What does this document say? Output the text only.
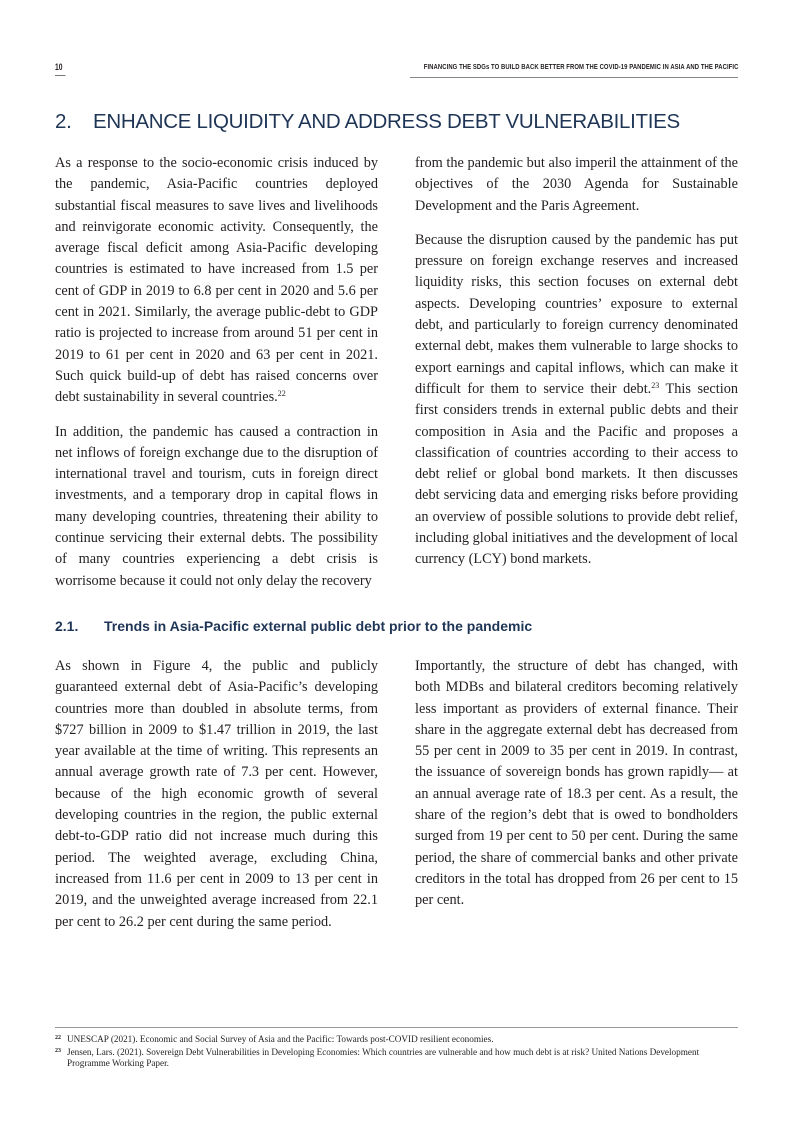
10	FINANCING THE SDGs TO BUILD BACK BETTER FROM THE COVID-19 PANDEMIC IN ASIA AND THE PACIFIC
2. ENHANCE LIQUIDITY AND ADDRESS DEBT VULNERABILITIES

As a response to the socio-economic crisis induced by the pandemic, Asia-Pacific countries deployed substantial fiscal measures to save lives and livelihoods and reinvigorate economic activity. Consequently, the average fiscal deficit among Asia-Pacific developing countries is estimated to have increased from 1.5 per cent of GDP in 2019 to 6.8 per cent in 2020 and 5.6 per cent in 2021. Similarly, the average public-debt to GDP ratio is projected to increase from around 51 per cent in 2019 to 61 per cent in 2020 and 63 per cent in 2021. Such quick build-up of debt has raised concerns over debt sustainability in several countries.$^{22}$

In addition, the pandemic has caused a contraction in net inflows of foreign exchange due to the disruption of international travel and tourism, cuts in foreign direct investments, and a temporary drop in capital flows in many developing countries, threatening their ability to continue servicing their external debts. The possibility of many countries experiencing a debt crisis is worrisome because it could not only delay the recovery

from the pandemic but also imperil the attainment of the objectives of the 2030 Agenda for Sustainable Development and the Paris Agreement.

Because the disruption caused by the pandemic has put pressure on foreign exchange reserves and increased liquidity risks, this section focuses on external debt aspects. Developing countries’ exposure to external debt, and particularly to foreign currency denominated external debt, makes them vulnerable to large shocks to export earnings and capital inflows, which can make it difficult for them to service their debt.$^{23}$ This section first considers trends in external public debts and their composition in Asia and the Pacific and proposes a classification of countries according to their access to debt relief or global bond markets. It then discusses debt servicing data and emerging risks before providing an overview of possible solutions to provide debt relief, including global initiatives and the development of local currency (LCY) bond markets.

2.1. Trends in Asia-Pacific external public debt prior to the pandemic

As shown in Figure 4, the public and publicly guaranteed external debt of Asia-Pacific’s developing countries more than doubled in absolute terms, from $727 billion in 2009 to $1.47 trillion in 2019, the last year available at the time of writing. This represents an annual average growth rate of 7.3 per cent. However, because of the high economic growth of several developing countries in the region, the public external debt-to-GDP ratio did not increase much during this period. The weighted average, excluding China, increased from 11.6 per cent in 2009 to 13 per cent in 2019, and the unweighted average increased from 22.1 per cent to 26.2 per cent during the same period.

Importantly, the structure of debt has changed, with both MDBs and bilateral creditors becoming relatively less important as providers of external finance. Their share in the aggregate external debt has decreased from 55 per cent in 2009 to 35 per cent in 2019. In contrast, the issuance of sovereign bonds has grown rapidly— at an annual average rate of 18.3 per cent. As a result, the share of the region’s debt that is owed to bondholders surged from 19 per cent to 50 per cent. During the same period, the share of commercial banks and other private creditors in the total has dropped from 26 per cent to 15 per cent.

$^{22}$ UNESCAP (2021). Economic and Social Survey of Asia and the Pacific: Towards post-COVID resilient economies.
$^{23}$ Jensen, Lars. (2021). Sovereign Debt Vulnerabilities in Developing Economies: Which countries are vulnerable and how much debt is at risk? United Nations Development Programme Working Paper.
